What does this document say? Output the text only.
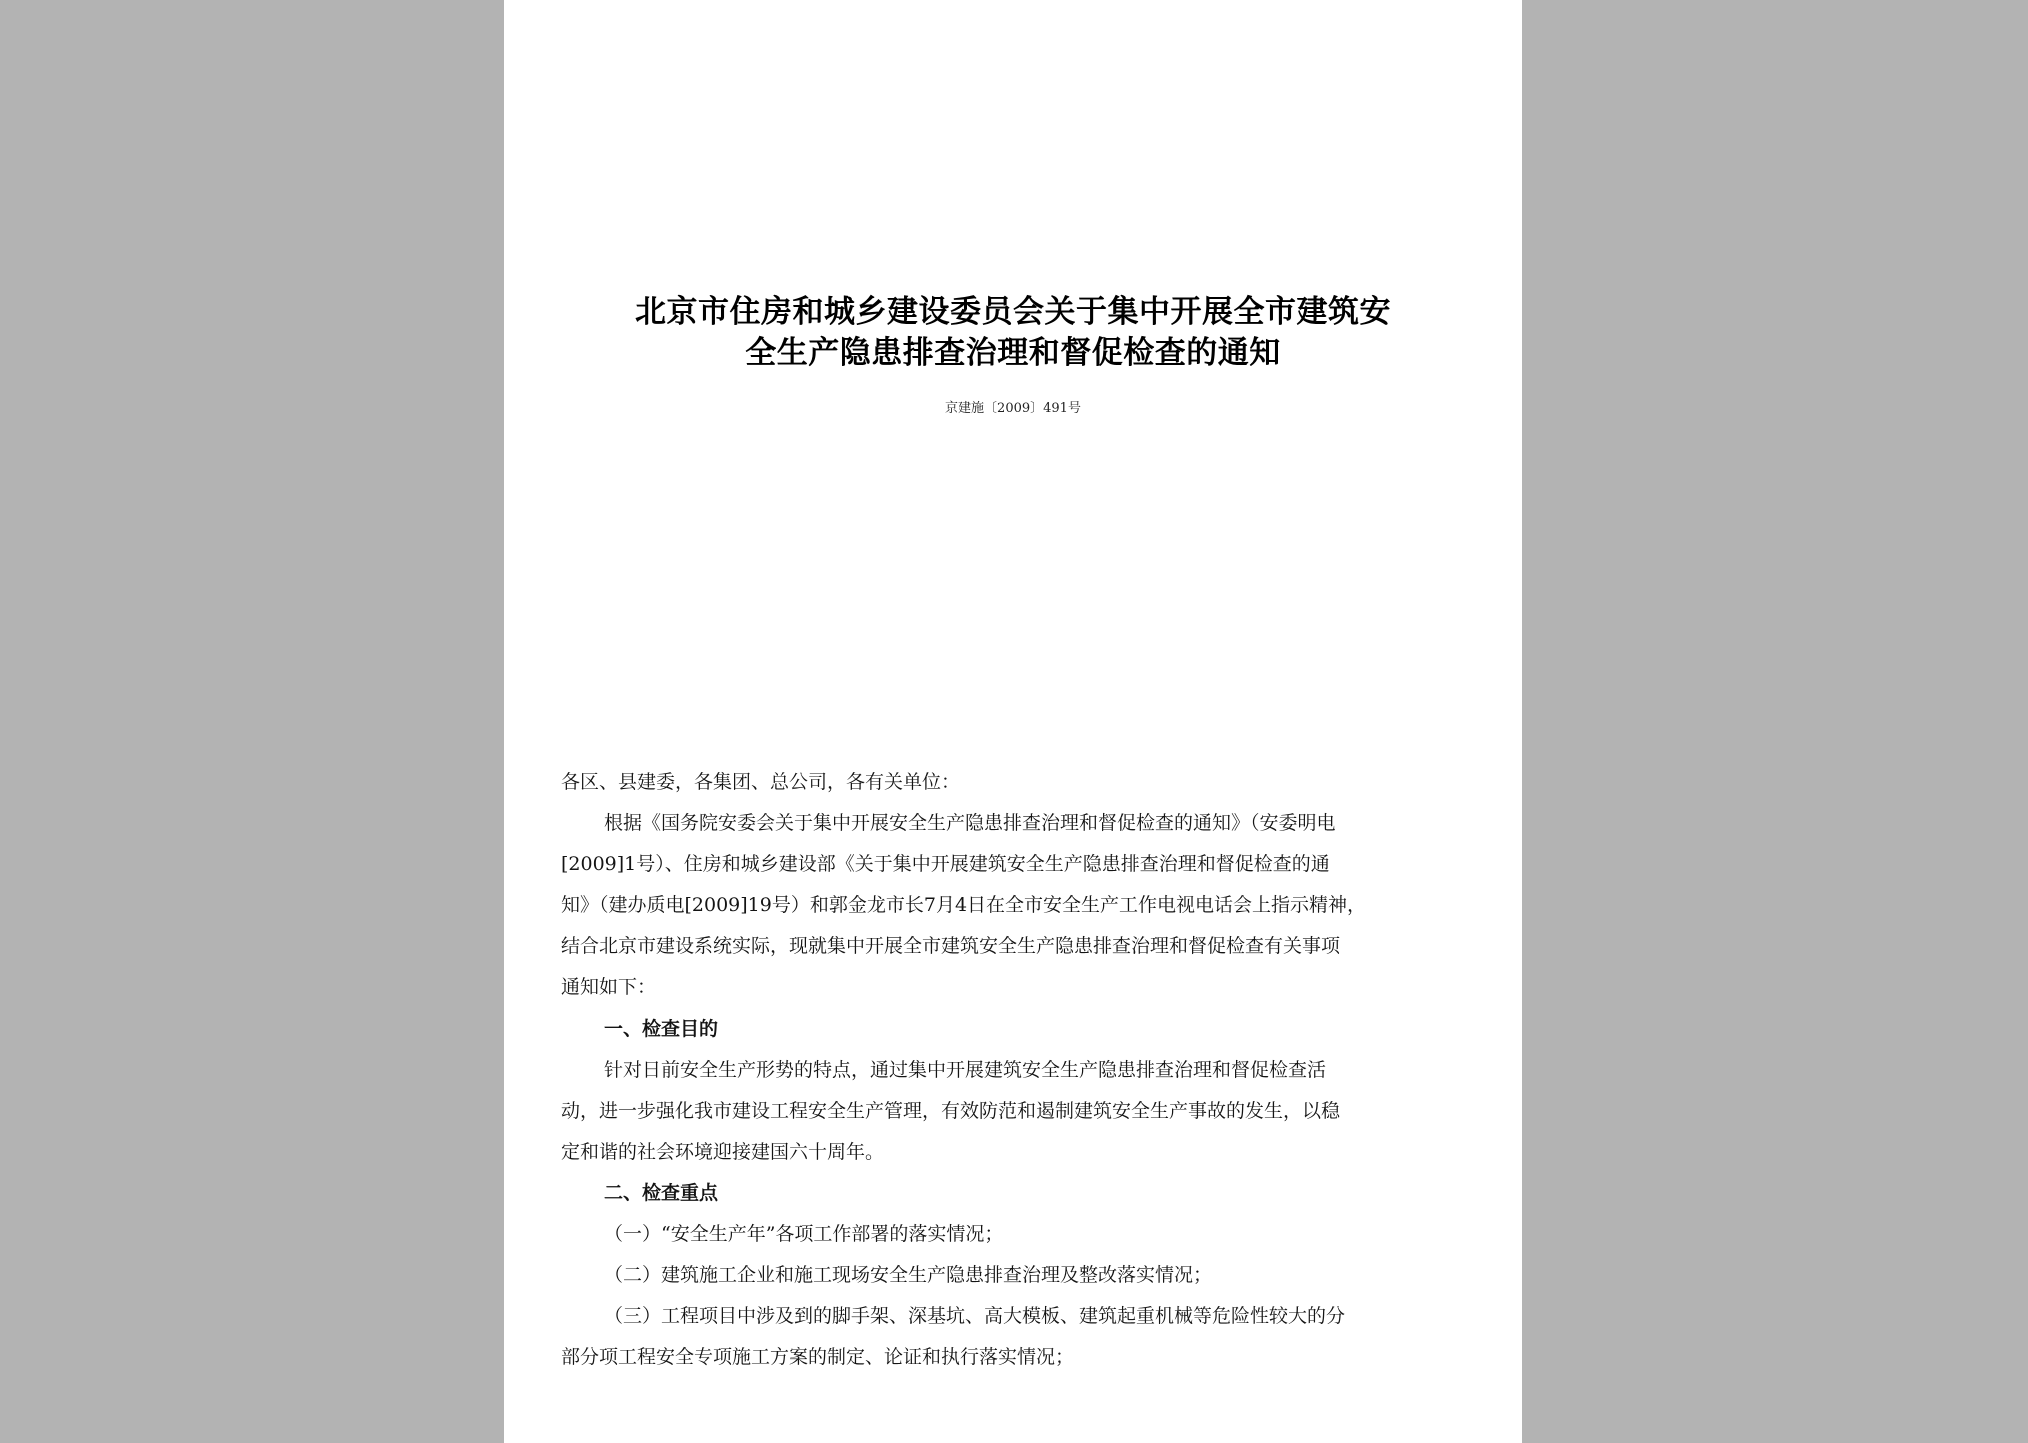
北京市住房和城乡建设委员会关于集中开展全市建筑安
全生产隐患排查治理和督促检查的通知
京建施〔2009〕491号
各区、县建委，各集团、总公司，各有关单位：
根据《国务院安委会关于集中开展安全生产隐患排查治理和督促检查的通知》（安委明电
[2009]1号）、住房和城乡建设部《关于集中开展建筑安全生产隐患排查治理和督促检查的通
知》（建办质电[2009]19号）和郭金龙市长7月4日在全市安全生产工作电视电话会上指示精神，
结合北京市建设系统实际，现就集中开展全市建筑安全生产隐患排查治理和督促检查有关事项
通知如下：
一、检查目的
针对日前安全生产形势的特点，通过集中开展建筑安全生产隐患排查治理和督促检查活
动，进一步强化我市建设工程安全生产管理，有效防范和遏制建筑安全生产事故的发生，以稳
定和谐的社会环境迎接建国六十周年。
二、检查重点
（一）“安全生产年”各项工作部署的落实情况；
（二）建筑施工企业和施工现场安全生产隐患排查治理及整改落实情况；
（三）工程项目中涉及到的脚手架、深基坑、高大模板、建筑起重机械等危险性较大的分
部分项工程安全专项施工方案的制定、论证和执行落实情况；
